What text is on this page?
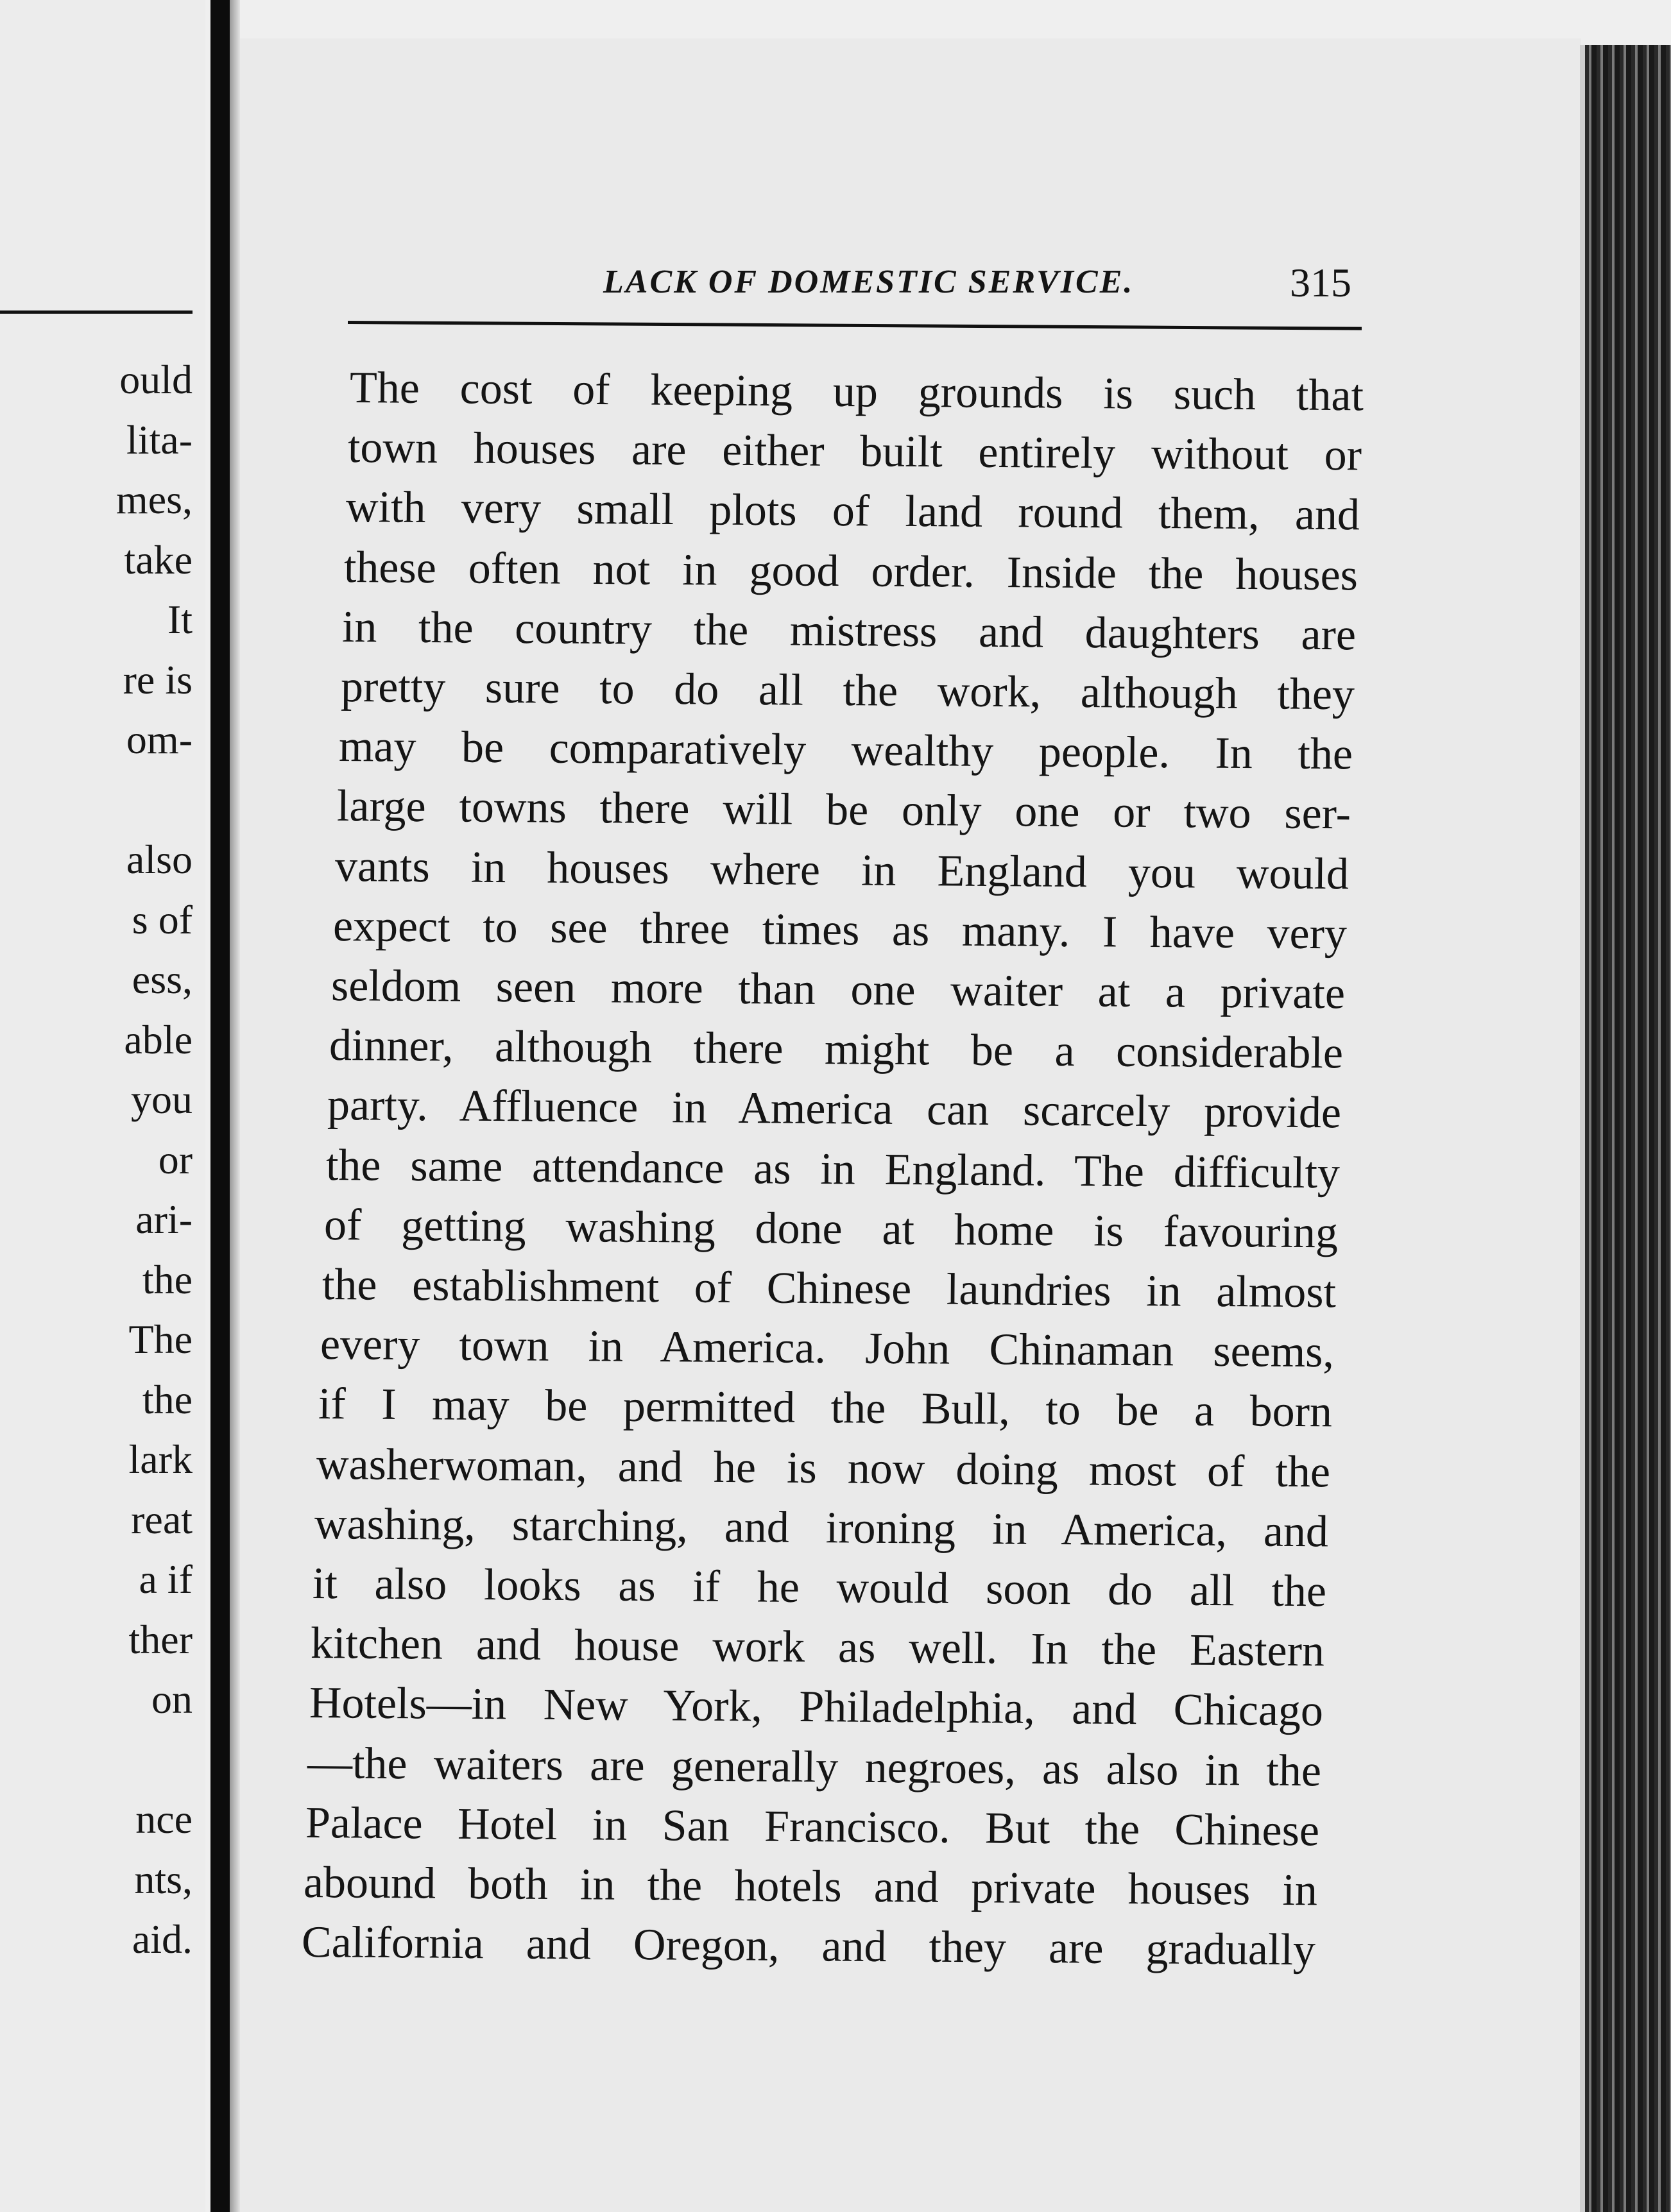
ould
lita-
mes,
take
It
re is
om-
also
s of
ess,
able
you
or
ari-
the
The
the
lark
reat
a if
ther
on
nce
nts,
aid.
LACK OF DOMESTIC SERVICE.	315
The cost of keeping up grounds is such that
town houses are either built entirely without or
with very small plots of land round them, and
these often not in good order. Inside the houses
in the country the mistress and daughters are
pretty sure to do all the work, although they
may be comparatively wealthy people. In the
large towns there will be only one or two ser-
vants in houses where in England you would
expect to see three times as many. I have very
seldom seen more than one waiter at a private
dinner, although there might be a considerable
party. Affluence in America can scarcely provide
the same attendance as in England. The difficulty
of getting washing done at home is favouring
the establishment of Chinese laundries in almost
every town in America. John Chinaman seems,
if I may be permitted the Bull, to be a born
washerwoman, and he is now doing most of the
washing, starching, and ironing in America, and
it also looks as if he would soon do all the
kitchen and house work as well. In the Eastern
Hotels—in New York, Philadelphia, and Chicago
—the waiters are generally negroes, as also in the
Palace Hotel in San Francisco. But the Chinese
abound both in the hotels and private houses in
California and Oregon, and they are gradually
